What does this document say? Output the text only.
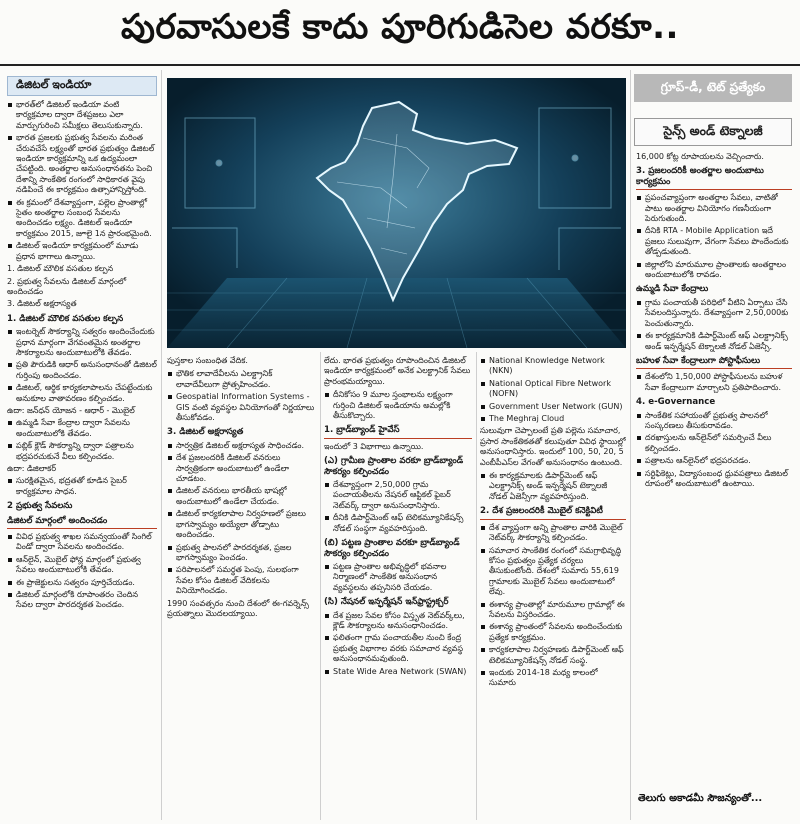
పురవాసులకే కాదు పూరిగుడిసెల వరకూ..
డిజిటల్ ఇండియా	గ్రూప్-డీ, టెట్ ప్రత్యేకం
సైన్స్ అండ్ టెక్నాలజీ
భారత్‌లో డిజిటల్ ఇండియా వంటి కార్యక్రమాల ద్వారా దేశప్రజలు ఎలా మార్పుగురించి సమీక్షలు తెలుసుకున్నారు.
భారత ప్రజలకు ప్రభుత్వ సేవలను మరింత చేరువచేసే లక్ష్యంతో భారత ప్రభుత్వం డిజిటల్ ఇండియా కార్యక్రమాన్ని ఒక ఉద్యమంలా చేపట్టింది. అంతర్జాల అనుసంధానతను పెంచి దేశాన్ని సాంకేతిక రంగంలో సాధికారత వైపు నడిపించే ఈ కార్యక్రమం ఉత్సాహాన్నిస్తోంది.
ఈ క్రమంలో దేశవ్యాప్తంగా, పల్లెల ప్రాంతాల్లో సైతం అంతర్జాల సంబంధ సేవలను అందించడం లక్ష్యం. డిజిటల్ ఇండియా కార్యక్రమం 2015, జూలై 1న ప్రారంభమైంది.
డిజిటల్ ఇండియా కార్యక్రమంలో మూడు ప్రధాన భాగాలు ఉన్నాయి.
1. డిజిటల్ మౌలిక వసతుల కల్పన
2. ప్రభుత్వ సేవలను డిజిటల్ మార్గంలో అందించడం
3. డిజిటల్ అక్షరాస్యత
1. డిజిటల్ మౌలిక వసతుల కల్పన
ఇంటర్నెట్ సౌకర్యాన్ని సత్వరం అందించేందుకు ప్రధాన మార్గంగా వేగవంతమైన అంతర్జాల సౌకర్యాలను అందుబాటులోకి తేవడం.
ప్రతి పౌరుడికి ఆధార్ అనుసంధానంతో డిజిటల్ గుర్తింపు అందించడం.
డిజిటల్, ఆర్థిక కార్యకలాపాలను చేపట్టేందుకు అనుకూల వాతావరణం కల్పించడం.
ఉదా: జన్‌ధన్ యోజన - ఆధార్ - మొబైల్
ఉమ్మడి సేవా కేంద్రాల ద్వారా సేవలను అందుబాటులోకి తేవడం.
పబ్లిక్ క్లౌడ్ సౌకర్యాన్ని ద్వారా పత్రాలను భద్రపరచుకునే వీలు కల్పించడం.
ఉదా: డిజిలాకర్
సురక్షితమైన, భద్రతతో కూడిన సైబర్ కార్యక్రమాల సాధన.
2 ప్రభుత్వ సేవలను
డిజిటల్ మార్గంలో అందించడం
వివిధ ప్రభుత్వ శాఖల సమన్వయంతో సింగిల్ విండో ద్వారా సేవలను అందించడం.
ఆన్‌లైన్, మొబైల్ ఫోన్ల మార్గంలో ప్రభుత్వ సేవలు అందుబాటులోకి తేవడం.
ఈ ప్రాజెక్టులను సత్వరం పూర్తిచేయడం.
డిజిటల్ మార్గంలోకి రూపాంతరం చెందిన సేవల ద్వారా పారదర్శకత పెంచడం.

పుస్తకాల సంబంధిత వేదిక.

భౌతిక లావాదేవీలను ఎలక్ట్రానిక్ లావాదేవీలుగా ప్రోత్సహించడం.
Geospatial Information Systems - GIS వంటి వ్యవస్థల వినియోగంతో నిర్ణయాలు తీసుకోవడం.
3. డిజిటల్ అక్షరాస్యత
సార్వత్రిక డిజిటల్ అక్షరాస్యత సాధించడం.
దేశ ప్రజలందరికీ డిజిటల్ వనరులు సార్వత్రికంగా అందుబాటులో ఉండేలా చూడటం.
డిజిటల్ వనరులు భారతీయ భాషల్లో అందుబాటులో ఉండేలా చేయడం.
డిజిటల్ కార్యకలాపాల నిర్వహణలో ప్రజలు భాగస్వామ్యం అయ్యేలా తోడ్పాటు అందించడం.
ప్రభుత్వ పాలనలో పారదర్శకత, ప్రజల భాగస్వామ్యం పెంచడం.
పరిపాలనలో సమర్థత పెంపు, సులభంగా సేవల కోసం డిజిటల్ వేదికలను వినియోగించడం.

1990 సంవత్సరం నుంచి దేశంలో ఈ-గవర్నెన్స్ ప్రయత్నాలు మొదలయ్యాయి.

లేదు. భారత ప్రభుత్వం రూపొందించిన డిజిటల్ ఇండియా కార్యక్రమంలో అనేక ఎలక్ట్రానిక్ సేవలు ప్రారంభమయ్యాయి.

దీనికోసం 9 మూల స్తంభాలను లక్ష్యంగా గుర్తించి డిజిటల్ ఇండియాను అమల్లోకి తీసుకొచ్చారు.
1. బ్రాడ్‌బ్యాండ్ హైవేస్

ఇందులో 3 విభాగాలు ఉన్నాయి.

(ఎ) గ్రామీణ ప్రాంతాల వరకూ బ్రాడ్‌బ్యాండ్ సౌకర్యం కల్పించడం
దేశవ్యాప్తంగా 2,50,000 గ్రామ పంచాయతీలను నేషనల్ ఆప్టికల్ ఫైబర్ నెట్‌వర్క్ ద్వారా అనుసంధానిస్తారు.
దీనికి డిపార్ట్‌మెంట్ ఆఫ్ టెలికమ్యూనికేషన్స్ నోడల్ సంస్థగా వ్యవహరిస్తుంది.
(బి) పట్టణ ప్రాంతాల వరకూ బ్రాడ్‌బ్యాండ్ సౌకర్యం కల్పించడం
పట్టణ ప్రాంతాల అభివృద్ధిలో భవనాల నిర్మాణంలో సాంకేతిక అనుసంధాన వ్యవస్థలను తప్పనిసరి చేయడం.
(సి) నేషనల్ ఇన్ఫర్మేషన్ ఇన్‌ఫ్రాస్ట్రక్చర్
దేశ ప్రజల సేవల కోసం విస్తృత నెట్‌వర్క్‌లు, క్లౌడ్ సౌకర్యాలను అనుసంధానించడం.
ఫలితంగా గ్రామ పంచాయతీల నుంచి కేంద్ర ప్రభుత్వ విభాగాల వరకు సమాచార వ్యవస్థ అనుసంధానమవుతుంది.
State Wide Area Network (SWAN)
National Knowledge Network (NKN)
National Optical Fibre Network (NOFN)
Government User Network (GUN)
The Meghraj Cloud

సులువుగా చెప్పాలంటే ప్రతి పల్లెను సమాచార, ప్రసార సాంకేతికతతో కలుపుతూ వివిధ స్థాయిల్లో అనుసంధానిస్తారు. ఇందులో 100, 50, 20, 5 ఎంబీపీఎస్‌ల వేగంతో అనుసంధానం ఉంటుంది.

ఈ కార్యక్రమాలకు డిపార్ట్‌మెంట్ ఆఫ్ ఎలక్ట్రానిక్స్ అండ్ ఇన్ఫర్మేషన్ టెక్నాలజీ నోడల్ ఏజెన్సీగా వ్యవహరిస్తుంది.
2. దేశ ప్రజలందరికీ మొబైల్ కనెక్టివిటీ
దేశ వ్యాప్తంగా అన్ని ప్రాంతాల వారికి మొబైల్ నెట్‌వర్క్ సౌకర్యాన్ని కల్పించడం.
సమాచార సాంకేతిక రంగంలో సమగ్రాభివృద్ధి కోసం ప్రభుత్వం ప్రత్యేక చర్యలు తీసుకుంటోంది. దేశంలో సుమారు 55,619 గ్రామాలకు మొబైల్ సేవలు అందుబాటులో లేవు.
ఈశాన్య ప్రాంతాల్లో మారుమూల గ్రామాల్లో ఈ సేవలను విస్తరించడం.
ఈశాన్య ప్రాంతంలో సేవలను అందించేందుకు ప్రత్యేక కార్యక్రమం.
కార్యకలాపాల నిర్వహణకు డిపార్ట్‌మెంట్ ఆఫ్ టెలికమ్యూనికేషన్స్ నోడల్ సంస్థ.
ఇందుకు 2014-18 మధ్య కాలంలో సుమారు

16,000 కోట్ల రూపాయలను వెచ్చించారు.

3. ప్రజలందరికీ అంతర్జాల అందుబాటు కార్యక్రమం
ప్రపంచవ్యాప్తంగా అంతర్జాల సేవలు, వాటితో పాటు అంతర్జాల వినియోగం గణనీయంగా పెరుగుతుంది.
దీనికి RTA - Mobile Application ఇదే ప్రజలు సులువుగా, వేగంగా సేవలు పొందేందుకు తోడ్పడుతుంది.
జిల్లాలోని మారుమూల ప్రాంతాలకు అంతర్జాలం అందుబాటులోకి రావడం.
ఉమ్మడి సేవా కేంద్రాలు
గ్రామ పంచాయతీ పరిధిలో వీటిని ఏర్పాటు చేసి సేవలందిస్తున్నారు. దేశవ్యాప్తంగా 2,50,000కు పెంచుతున్నారు.
ఈ కార్యక్రమానికి డిపార్ట్‌మెంట్ ఆఫ్ ఎలక్ట్రానిక్స్ అండ్ ఇన్ఫర్మేషన్ టెక్నాలజీ నోడల్ ఏజెన్సీ.
బహుళ సేవా కేంద్రాలుగా పోస్టాఫీసులు
దేశంలోని 1,50,000 పోస్టాఫీసులను బహుళ సేవా కేంద్రాలుగా మార్చాలని ప్రతిపాదించారు.
4. e-Governance
సాంకేతిక సహాయంతో ప్రభుత్వ పాలనలో సంస్కరణలు తీసుకురావడం.
దరఖాస్తులను ఆన్‌లైన్‌లో సమర్పించే వీలు కల్పించడం.
పత్రాలను ఆన్‌లైన్‌లో భద్రపరచడం.
సర్టిఫికెట్లు, విద్యాసంబంధ ధ్రువపత్రాలు డిజిటల్ రూపంలో అందుబాటులో ఉంటాయి.
తెలుగు అకాడమీ సౌజన్యంతో...
